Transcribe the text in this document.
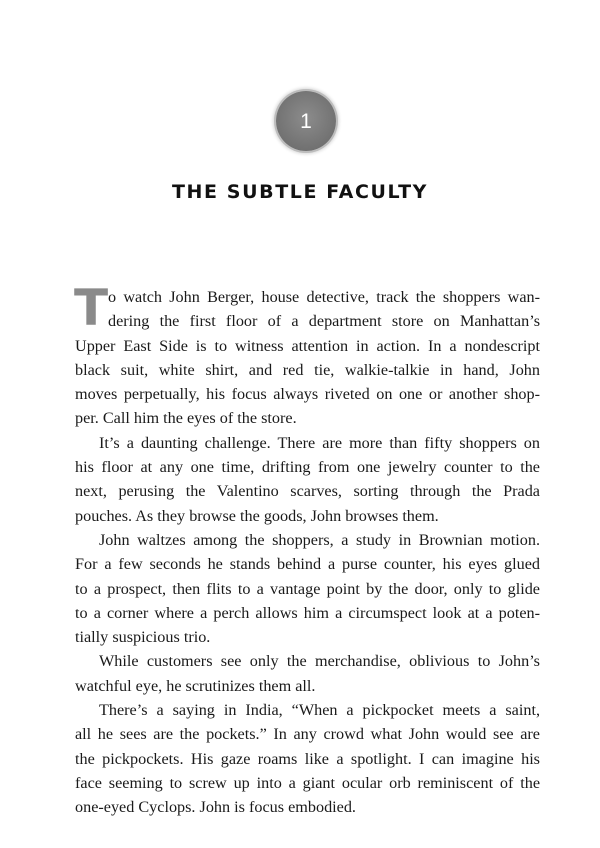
1
THE SUBTLE FACULTY
T o watch John Berger, house detective, track the shoppers wan-
dering the first floor of a department store on Manhattan’s
Upper East Side is to witness attention in action. In a nondescript
black suit, white shirt, and red tie, walkie-talkie in hand, John
moves perpetually, his focus always riveted on one or another shop-
per. Call him the eyes of the store.
It’s a daunting challenge. There are more than fifty shoppers on
his floor at any one time, drifting from one jewelry counter to the
next, perusing the Valentino scarves, sorting through the Prada
pouches. As they browse the goods, John browses them.
John waltzes among the shoppers, a study in Brownian motion.
For a few seconds he stands behind a purse counter, his eyes glued
to a prospect, then flits to a vantage point by the door, only to glide
to a corner where a perch allows him a circumspect look at a poten-
tially suspicious trio.
While customers see only the merchandise, oblivious to John’s
watchful eye, he scrutinizes them all.
There’s a saying in India, “When a pickpocket meets a saint,
all he sees are the pockets.” In any crowd what John would see are
the pickpockets. His gaze roams like a spotlight. I can imagine his
face seeming to screw up into a giant ocular orb reminiscent of the
one-eyed Cyclops. John is focus embodied.
